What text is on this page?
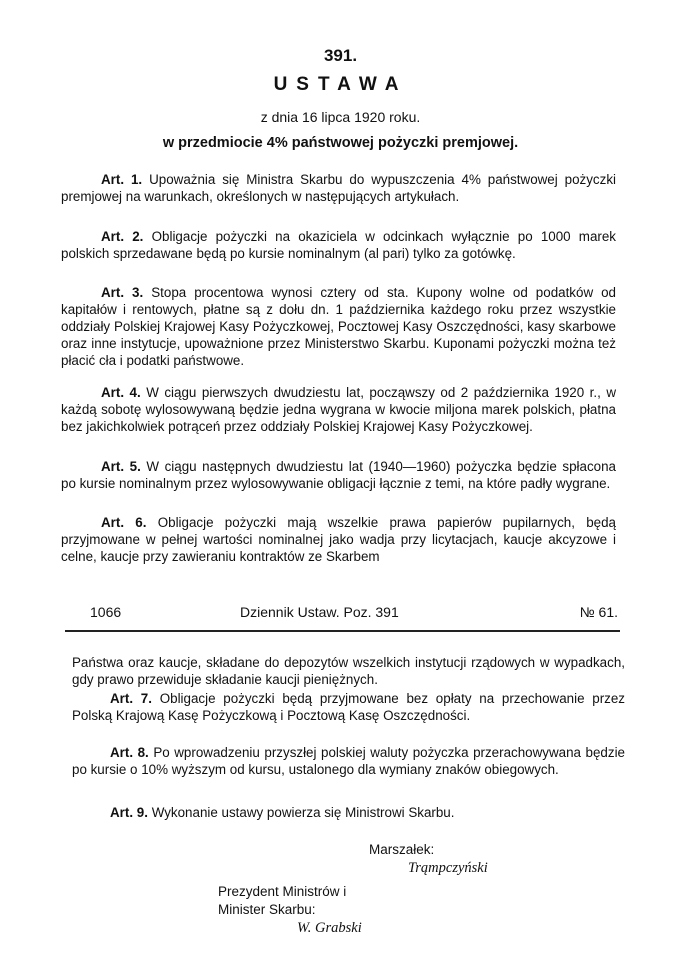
391.
USTAWA
z dnia 16 lipca 1920 roku.
w przedmiocie 4% państwowej pożyczki premjowej.

Art. 1. Upoważnia się Ministra Skarbu do wypuszczenia 4% państwowej pożyczki premjowej na warunkach, określonych w następujących artykułach.

Art. 2. Obligacje pożyczki na okaziciela w odcinkach wyłącznie po 1000 marek polskich sprzedawane będą po kursie nominalnym (al pari) tylko za gotówkę.

Art. 3. Stopa procentowa wynosi cztery od sta. Kupony wolne od podatków od kapitałów i rentowych, płatne są z dołu dn. 1 października każdego roku przez wszystkie oddziały Polskiej Krajowej Kasy Pożyczkowej, Pocztowej Kasy Oszczędności, kasy skarbowe oraz inne instytucje, upoważnione przez Ministerstwo Skarbu. Kuponami pożyczki można też płacić cła i podatki państwowe.

Art. 4. W ciągu pierwszych dwudziestu lat, począwszy od 2 października 1920 r., w każdą sobotę wylosowywaną będzie jedna wygrana w kwocie miljona marek polskich, płatna bez jakichkolwiek potrąceń przez oddziały Polskiej Krajowej Kasy Pożyczkowej.

Art. 5. W ciągu następnych dwudziestu lat (1940—1960) pożyczka będzie spłacona po kursie nominalnym przez wylosowywanie obligacji łącznie z temi, na które padły wygrane.

Art. 6. Obligacje pożyczki mają wszelkie prawa papierów pupilarnych, będą przyjmowane w pełnej wartości nominalnej jako wadja przy licytacjach, kaucje akcyzowe i celne, kaucje przy zawieraniu kontraktów ze Skarbem

1066	Dziennik Ustaw. Poz. 391	№ 61.

Państwa oraz kaucje, składane do depozytów wszelkich instytucji rządowych w wypadkach, gdy prawo przewiduje składanie kaucji pieniężnych.

Art. 7. Obligacje pożyczki będą przyjmowane bez opłaty na przechowanie przez Polską Krajową Kasę Pożyczkową i Pocztową Kasę Oszczędności.

Art. 8. Po wprowadzeniu przyszłej polskiej waluty pożyczka przerachowywana będzie po kursie o 10% wyższym od kursu, ustalonego dla wymiany znaków obiegowych.

Art. 9. Wykonanie ustawy powierza się Ministrowi Skarbu.

Marszałek:
Trąmpczyński
Prezydent Ministrów i
Minister Skarbu:
W. Grabski
